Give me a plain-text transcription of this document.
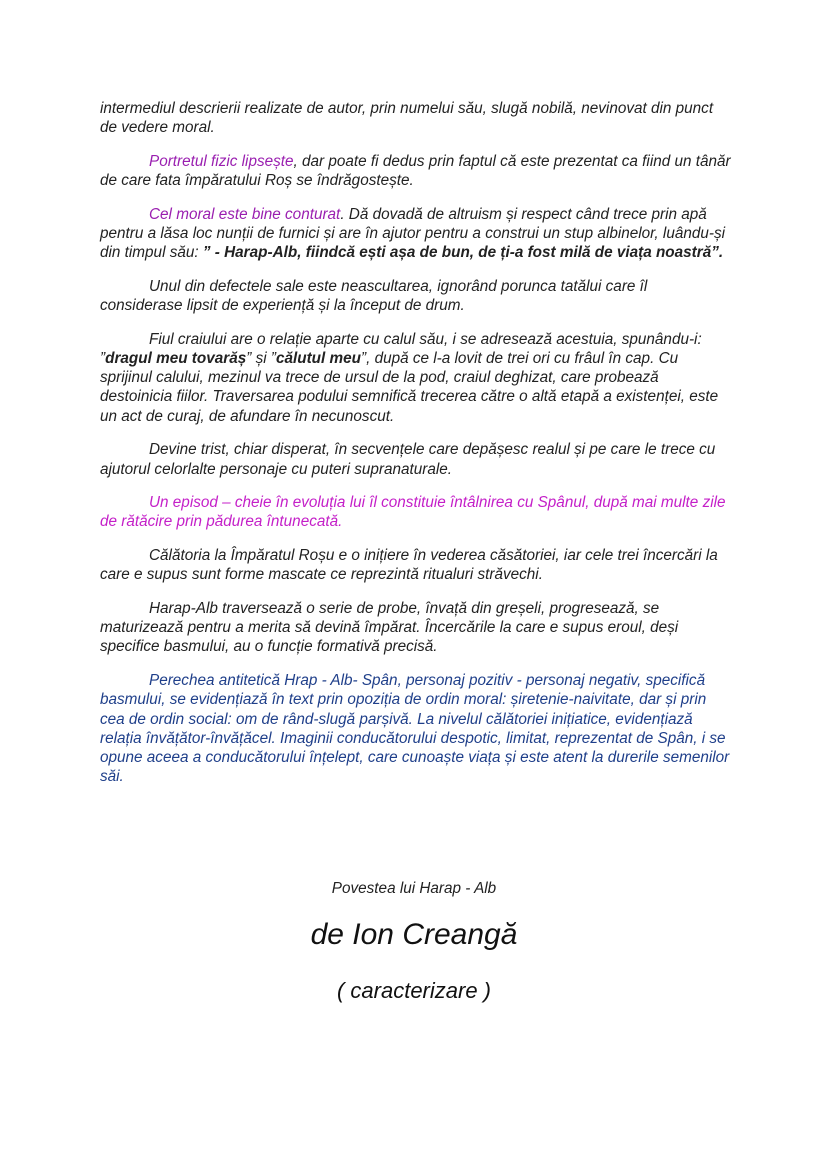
intermediul descrierii realizate de autor, prin numelui său, slugă nobilă, nevinovat din punct de vedere moral.

Portretul fizic lipsește, dar poate fi dedus prin faptul că este prezentat ca fiind un tânăr de care fata împăratului Roș se îndrăgostește.

Cel moral este bine conturat. Dă dovadă de altruism și respect când trece prin apă pentru a lăsa loc nunții de furnici și are în ajutor pentru a construi un stup albinelor, luându-și din timpul său: ” - Harap-Alb, fiindcă ești așa de bun, de ți-a fost milă de viața noastră”.

Unul din defectele sale este neascultarea, ignorând porunca tatălui care îl considerase lipsit de experiență și la început de drum.

Fiul craiului are o relație aparte cu calul său, i se adresează acestuia, spunându-i: ”dragul meu tovarăș” și ”călutul meu”, după ce l-a lovit de trei ori cu frâul în cap. Cu sprijinul calului, mezinul va trece de ursul de la pod, craiul deghizat, care probează destoinicia fiilor. Traversarea podului semnifică trecerea către o altă etapă a existenței, este un act de curaj, de afundare în necunoscut.

Devine trist, chiar disperat, în secvențele care depășesc realul și pe care le trece cu ajutorul celorlalte personaje cu puteri supranaturale.

Un episod – cheie în evoluția lui îl constituie întâlnirea cu Spânul, după mai multe zile de rătăcire prin pădurea întunecată.

Călătoria la Împăratul Roșu e o inițiere în vederea căsătoriei, iar cele trei încercări la care e supus sunt forme mascate ce reprezintă ritualuri străvechi.

Harap-Alb traversează o serie de probe, învață din greșeli, progresează, se maturizează pentru a merita să devină împărat. Încercările la care e supus eroul, deși specifice basmului, au o funcție formativă precisă.

Perechea antitetică Hrap - Alb- Spân, personaj pozitiv - personaj negativ, specifică basmului, se evidențiază în text prin opoziția de ordin moral: șiretenie-naivitate, dar și prin cea de ordin social: om de rând-slugă parșivă. La nivelul călătoriei inițiatice, evidențiază relația învățător-învățăcel. Imaginii conducătorului despotic, limitat, reprezentat de Spân, i se opune aceea a conducătorului înțelept, care cunoaște viața și este atent la durerile semenilor săi.

Povestea lui Harap - Alb
de Ion Creangă
( caracterizare )
